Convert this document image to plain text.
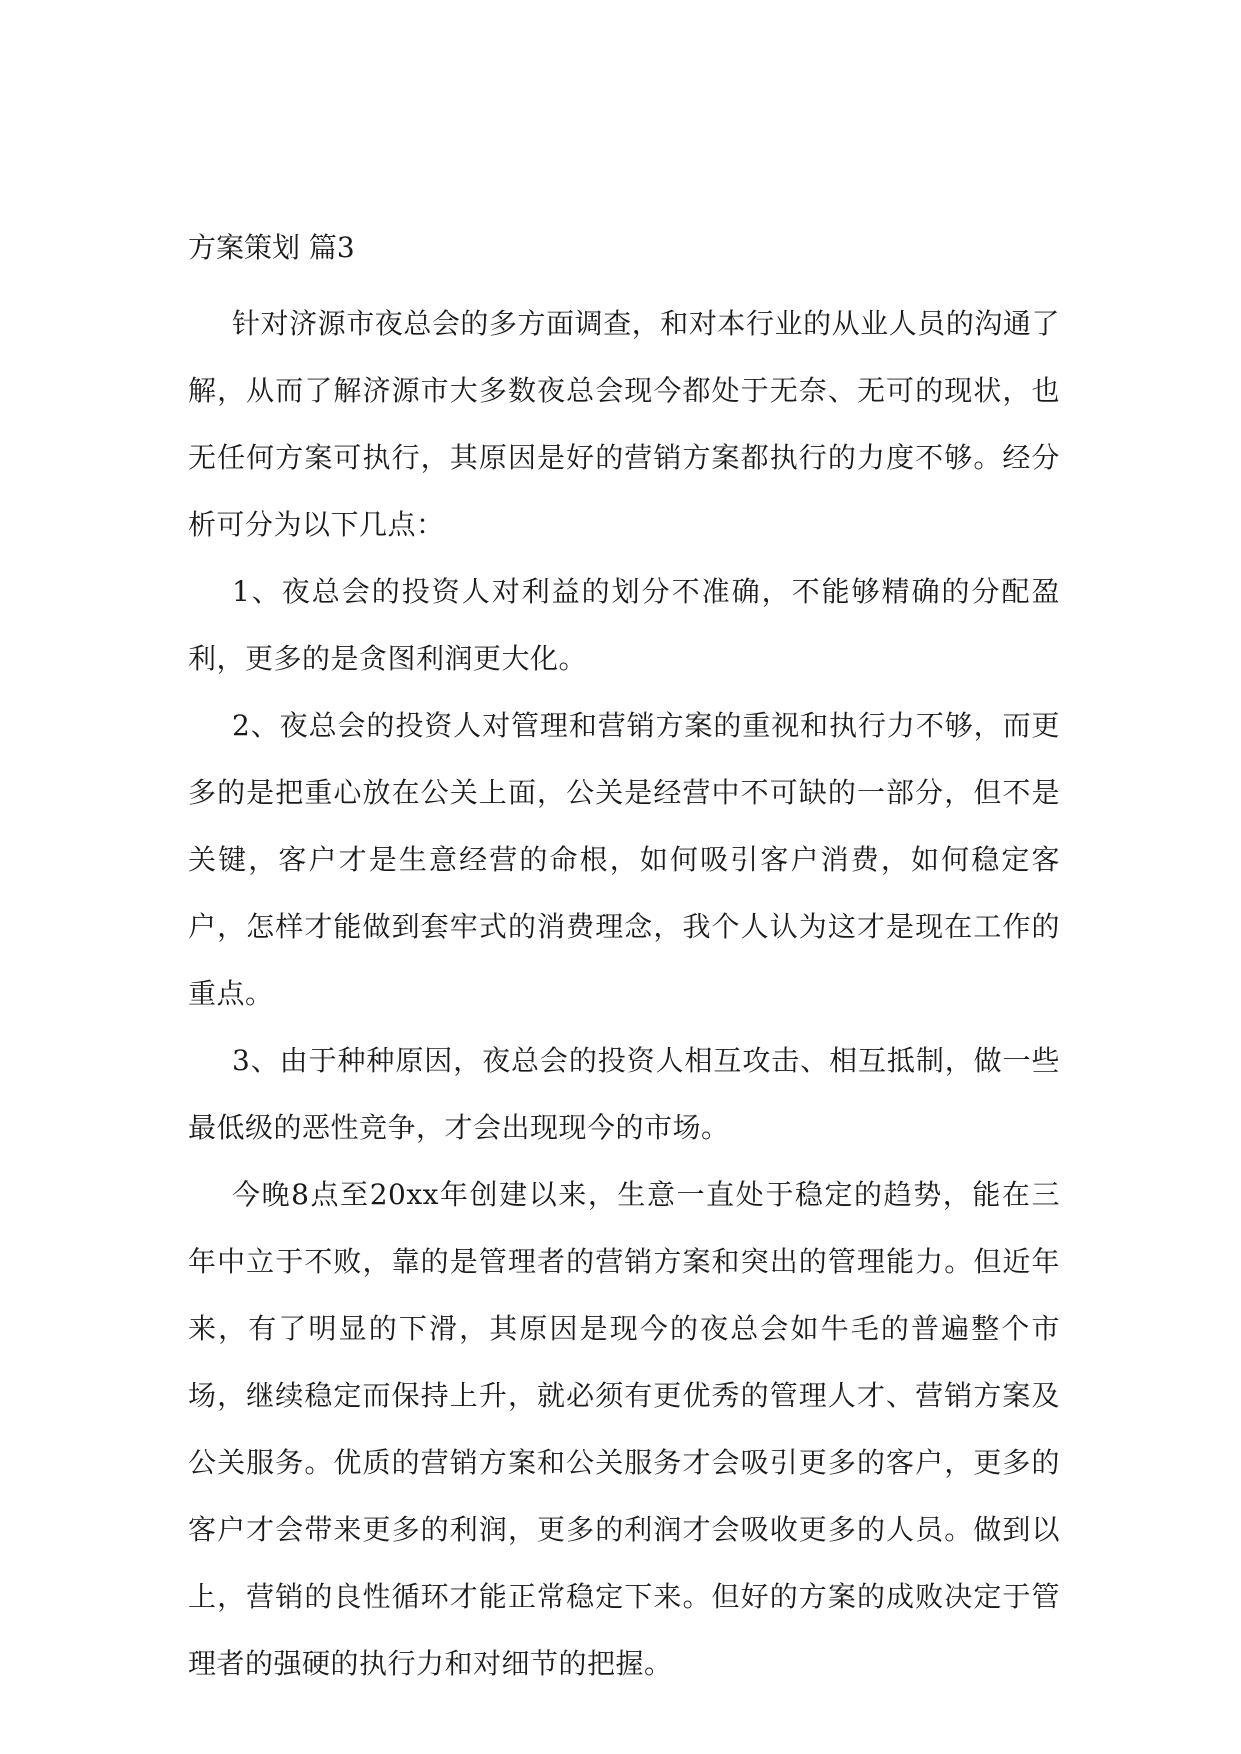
方案策划 篇3

针对济源市夜总会的多方面调查，和对本行业的从业人员的沟通了解，从而了解济源市大多数夜总会现今都处于无奈、无可的现状，也无任何方案可执行，其原因是好的营销方案都执行的力度不够。经分析可分为以下几点：

1、夜总会的投资人对利益的划分不准确，不能够精确的分配盈利，更多的是贪图利润更大化。

2、夜总会的投资人对管理和营销方案的重视和执行力不够，而更多的是把重心放在公关上面，公关是经营中不可缺的一部分，但不是关键，客户才是生意经营的命根，如何吸引客户消费，如何稳定客户，怎样才能做到套牢式的消费理念，我个人认为这才是现在工作的重点。

3、由于种种原因，夜总会的投资人相互攻击、相互抵制，做一些最低级的恶性竞争，才会出现现今的市场。

今晚8点至20xx年创建以来，生意一直处于稳定的趋势，能在三年中立于不败，靠的是管理者的营销方案和突出的管理能力。但近年来，有了明显的下滑，其原因是现今的夜总会如牛毛的普遍整个市场，继续稳定而保持上升，就必须有更优秀的管理人才、营销方案及公关服务。优质的营销方案和公关服务才会吸引更多的客户，更多的客户才会带来更多的利润，更多的利润才会吸收更多的人员。做到以上，营销的良性循环才能正常稳定下来。但好的方案的成败决定于管理者的强硬的执行力和对细节的把握。
